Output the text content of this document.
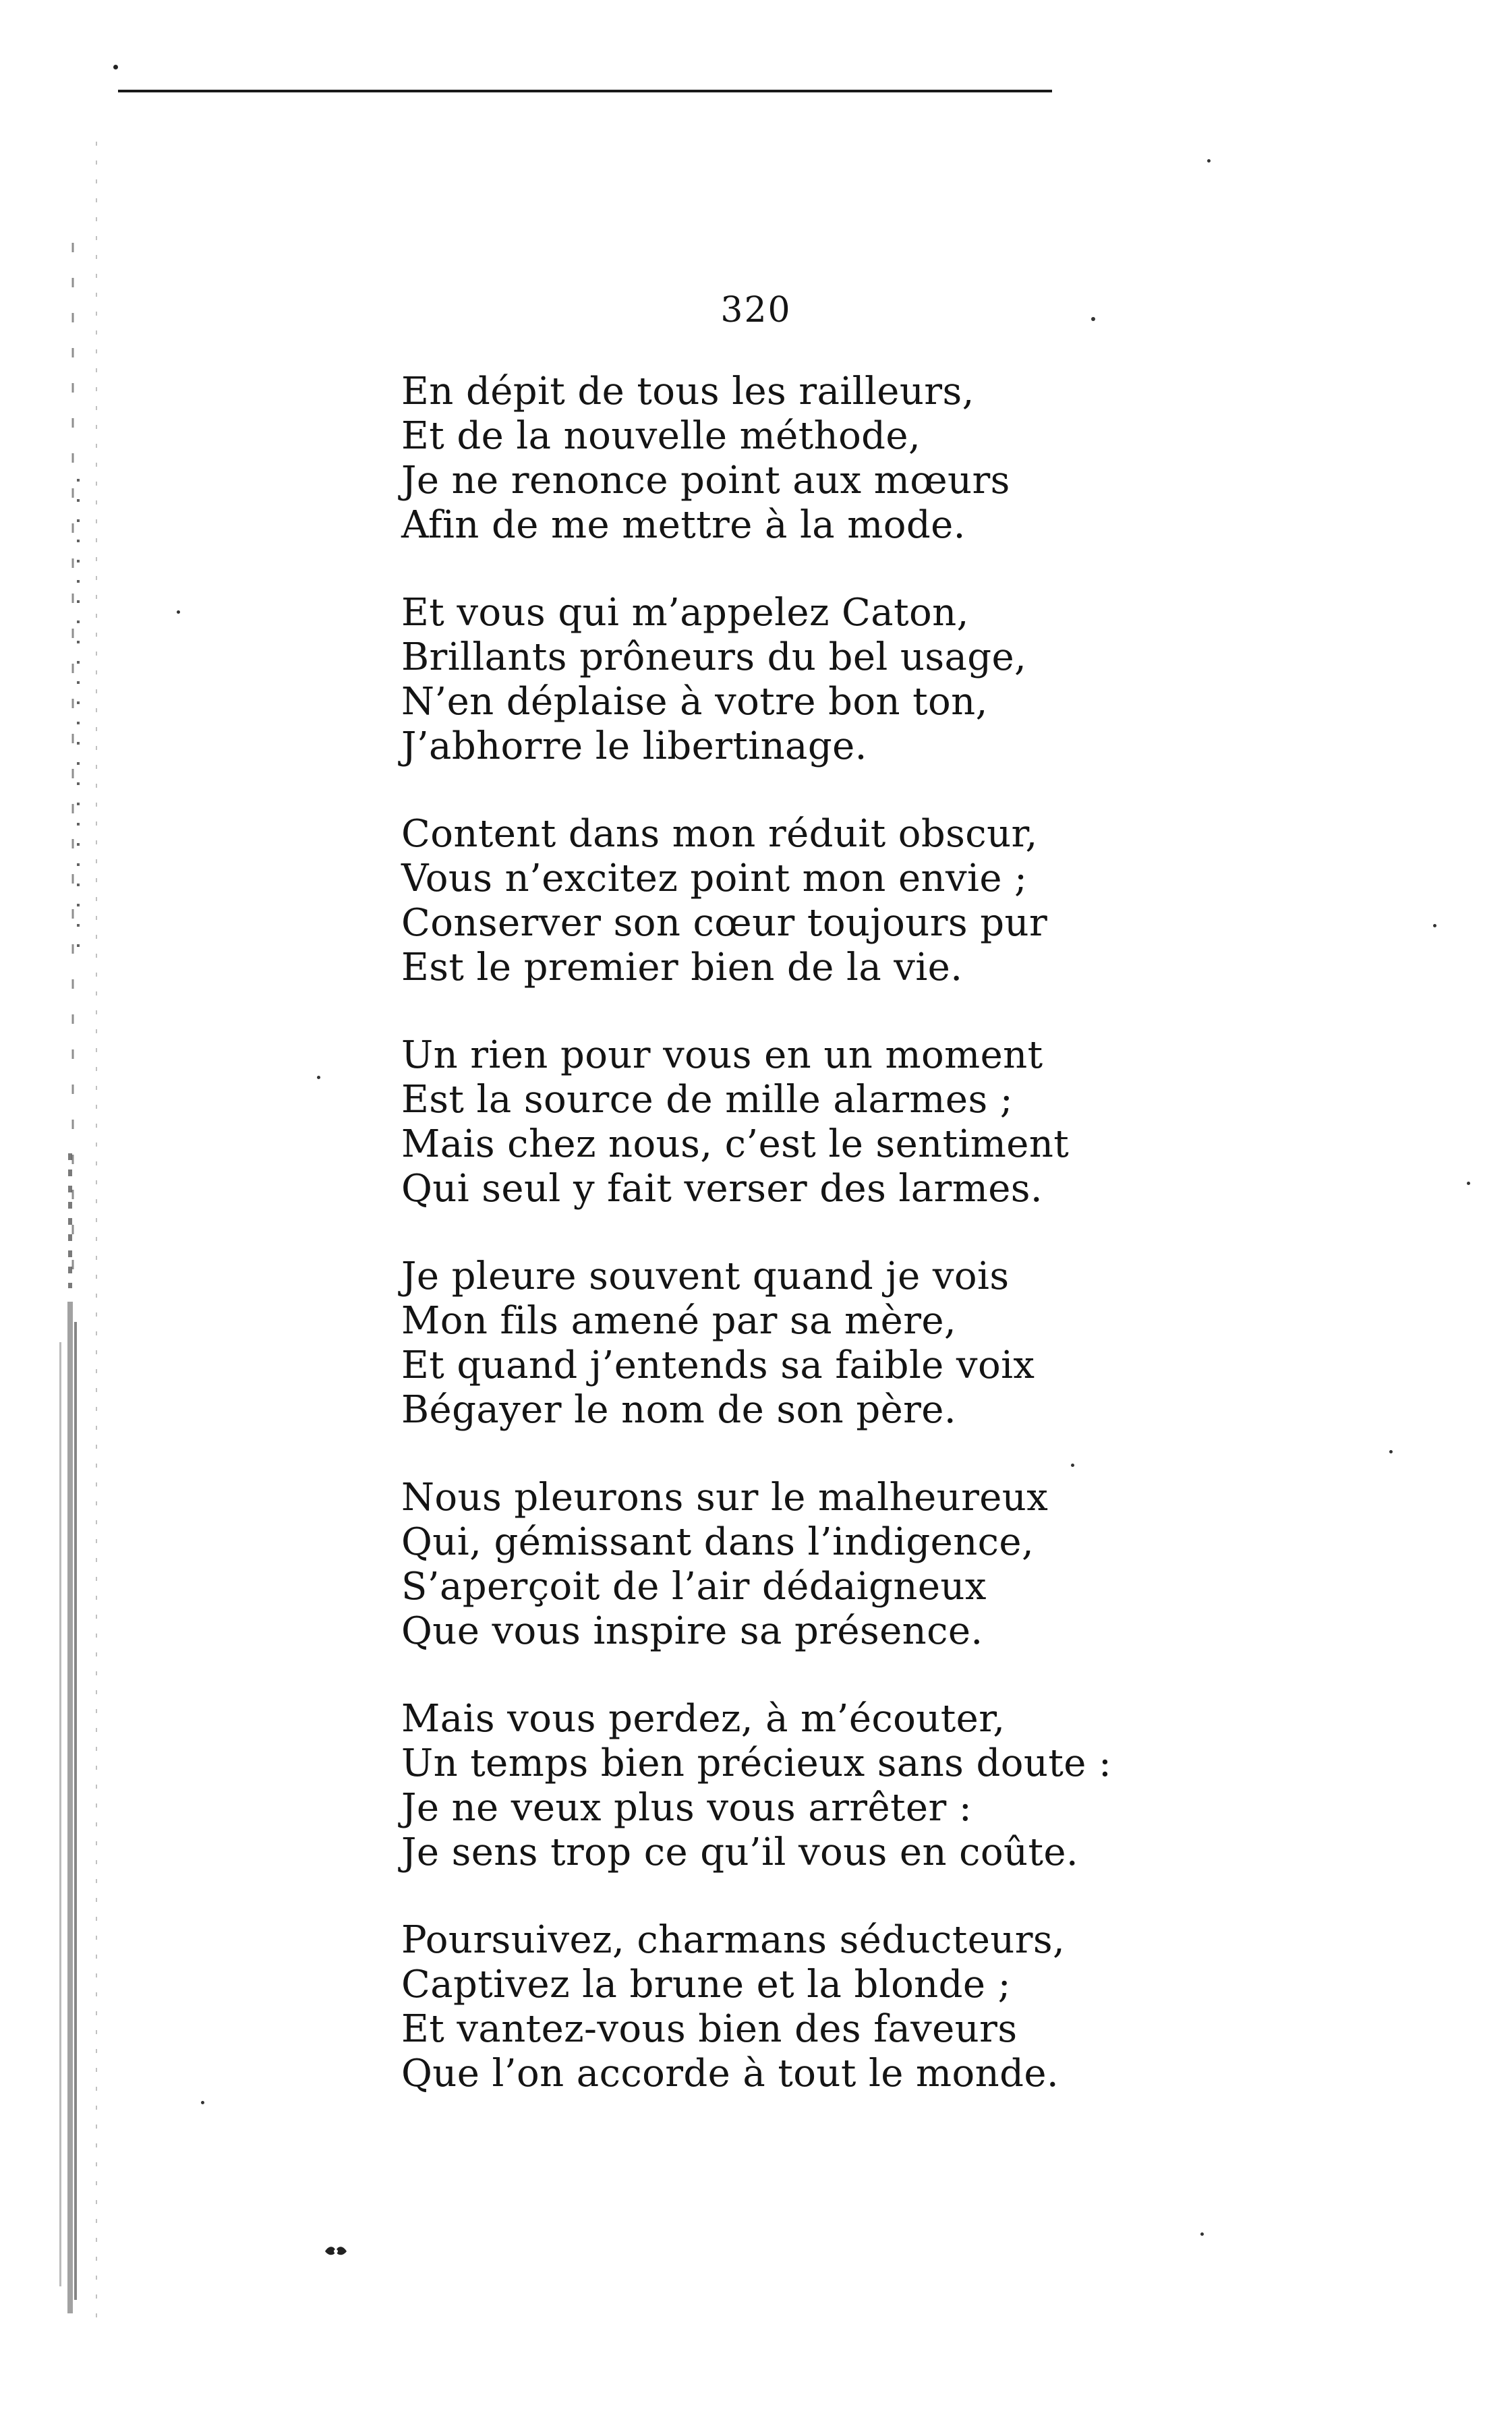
320
En dépit de tous les railleurs,
Et de la nouvelle méthode,
Je ne renonce point aux mœurs
Afin de me mettre à la mode.
Et vous qui m’appelez Caton,
Brillants prôneurs du bel usage,
N’en déplaise à votre bon ton,
J’abhorre le libertinage.
Content dans mon réduit obscur,
Vous n’excitez point mon envie ;
Conserver son cœur toujours pur
Est le premier bien de la vie.
Un rien pour vous en un moment
Est la source de mille alarmes ;
Mais chez nous, c’est le sentiment
Qui seul y fait verser des larmes.
Je pleure souvent quand je vois
Mon fils amené par sa mère,
Et quand j’entends sa faible voix
Bégayer le nom de son père.
Nous pleurons sur le malheureux
Qui, gémissant dans l’indigence,
S’aperçoit de l’air dédaigneux
Que vous inspire sa présence.
Mais vous perdez, à m’écouter,
Un temps bien précieux sans doute :
Je ne veux plus vous arrêter :
Je sens trop ce qu’il vous en coûte.
Poursuivez, charmans séducteurs,
Captivez la brune et la blonde ;
Et vantez-vous bien des faveurs
Que l’on accorde à tout le monde.
